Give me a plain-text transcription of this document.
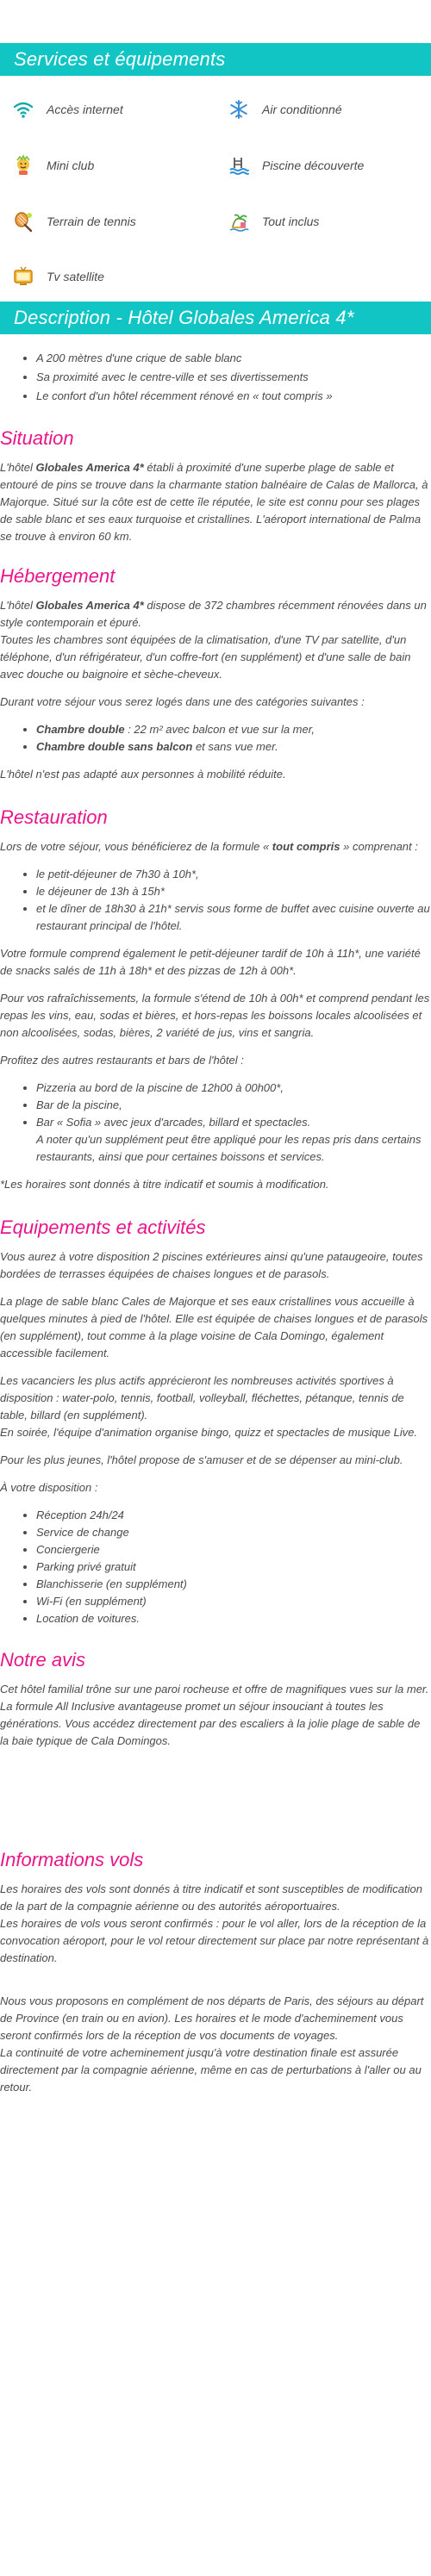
Services et équipements
Accès internet	Air conditionné
Mini club	Piscine découverte
Terrain de tennis	Tout inclus
Tv satellite
Description - Hôtel Globales America 4*
• A 200 mètres d'une crique de sable blanc
• Sa proximité avec le centre-ville et ses divertissements
• Le confort d'un hôtel récemment rénové en « tout compris »
Situation

L'hôtel Globales America 4* établi à proximité d'une superbe plage de sable et entouré de pins se trouve dans la charmante station balnéaire de Calas de Mallorca, à Majorque. Situé sur la côte est de cette île réputée, le site est connu pour ses plages de sable blanc et ses eaux turquoise et cristallines. L'aéroport international de Palma se trouve à environ 60 km.

Hébergement

L'hôtel Globales America 4* dispose de 372 chambres récemment rénovées dans un style contemporain et épuré.

Toutes les chambres sont équipées de la climatisation, d'une TV par satellite, d'un téléphone, d'un réfrigérateur, d'un coffre-fort (en supplément) et d'une salle de bain avec douche ou baignoire et sèche-cheveux.

Durant votre séjour vous serez logés dans une des catégories suivantes :

• Chambre double : 22 m² avec balcon et vue sur la mer,
• Chambre double sans balcon et sans vue mer.

L'hôtel n'est pas adapté aux personnes à mobilité réduite.

Restauration

Lors de votre séjour, vous bénéficierez de la formule « tout compris » comprenant :

• le petit-déjeuner de 7h30 à 10h*,
• le déjeuner de 13h à 15h*
• et le dîner de 18h30 à 21h* servis sous forme de buffet avec cuisine ouverte au restaurant principal de l'hôtel.

Votre formule comprend également le petit-déjeuner tardif de 10h à 11h*, une variété de snacks salés de 11h à 18h* et des pizzas de 12h à 00h*.

Pour vos rafraîchissements, la formule s'étend de 10h à 00h* et comprend pendant les repas les vins, eau, sodas et bières, et hors-repas les boissons locales alcoolisées et non alcoolisées, sodas, bières, 2 variété de jus, vins et sangria.

Profitez des autres restaurants et bars de l'hôtel :

• Pizzeria au bord de la piscine de 12h00 à 00h00*,
• Bar de la piscine,
• Bar « Sofia » avec jeux d'arcades, billard et spectacles.
A noter qu'un supplément peut être appliqué pour les repas pris dans certains restaurants, ainsi que pour certaines boissons et services.

*Les horaires sont donnés à titre indicatif et soumis à modification.

Equipements et activités

Vous aurez à votre disposition 2 piscines extérieures ainsi qu'une pataugeoire, toutes bordées de terrasses équipées de chaises longues et de parasols.

La plage de sable blanc Cales de Majorque et ses eaux cristallines vous accueille à quelques minutes à pied de l'hôtel. Elle est équipée de chaises longues et de parasols (en supplément), tout comme à la plage voisine de Cala Domingo, également accessible facilement.

Les vacanciers les plus actifs apprécieront les nombreuses activités sportives à disposition : water-polo, tennis, football, volleyball, fléchettes, pétanque, tennis de table, billard (en supplément).

En soirée, l'équipe d'animation organise bingo, quizz et spectacles de musique Live.

Pour les plus jeunes, l'hôtel propose de s'amuser et de se dépenser au mini-club.

À votre disposition :

• Réception 24h/24
• Service de change
• Conciergerie
• Parking privé gratuit
• Blanchisserie (en supplément)
• Wi-Fi (en supplément)
• Location de voitures.
Notre avis

Cet hôtel familial trône sur une paroi rocheuse et offre de magnifiques vues sur la mer. La formule All Inclusive avantageuse promet un séjour insouciant à toutes les générations. Vous accédez directement par des escaliers à la jolie plage de sable de la baie typique de Cala Domingos.

Informations vols

Les horaires des vols sont donnés à titre indicatif et sont susceptibles de modification de la part de la compagnie aérienne ou des autorités aéroportuaires.

Les horaires de vols vous seront confirmés : pour le vol aller, lors de la réception de la convocation aéroport, pour le vol retour directement sur place par notre représentant à destination.

Nous vous proposons en complément de nos départs de Paris, des séjours au départ de Province (en train ou en avion). Les horaires et le mode d'acheminement vous seront confirmés lors de la réception de vos documents de voyages.

La continuité de votre acheminement jusqu'à votre destination finale est assurée directement par la compagnie aérienne, même en cas de perturbations à l'aller ou au retour.
